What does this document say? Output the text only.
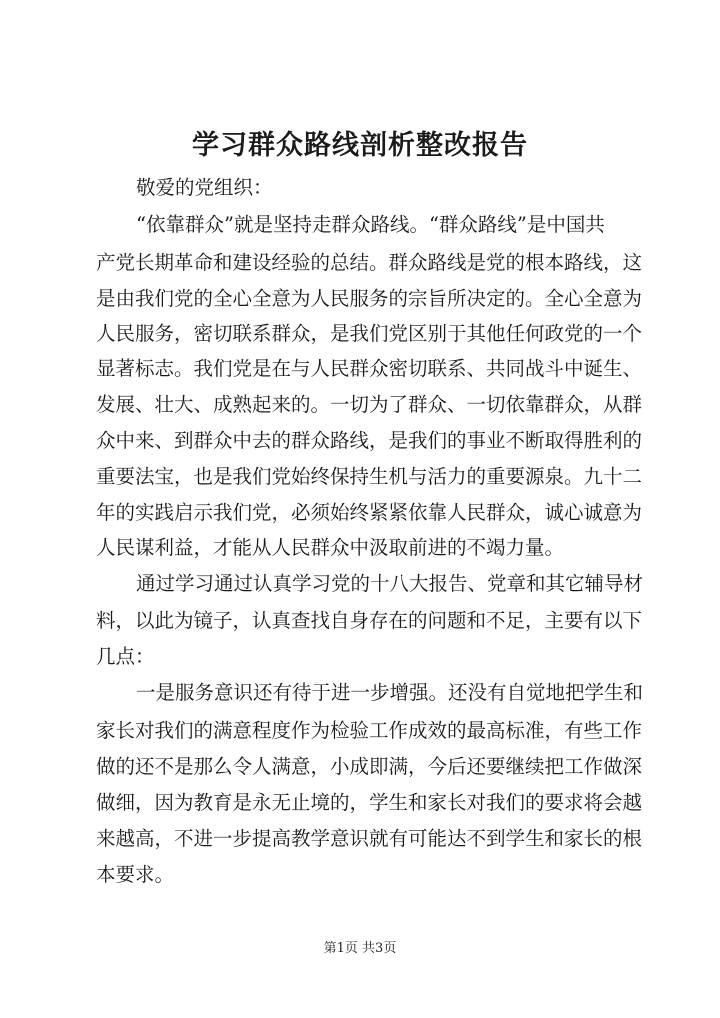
学习群众路线剖析整改报告
敬爱的党组织：
“依靠群众”就是坚持走群众路线。“群众路线”是中国共
产党长期革命和建设经验的总结。群众路线是党的根本路线，这
是由我们党的全心全意为人民服务的宗旨所决定的。全心全意为
人民服务，密切联系群众，是我们党区别于其他任何政党的一个
显著标志。我们党是在与人民群众密切联系、共同战斗中诞生、
发展、壮大、成熟起来的。一切为了群众、一切依靠群众，从群
众中来、到群众中去的群众路线，是我们的事业不断取得胜利的
重要法宝，也是我们党始终保持生机与活力的重要源泉。九十二
年的实践启示我们党，必须始终紧紧依靠人民群众，诚心诚意为
人民谋利益，才能从人民群众中汲取前进的不竭力量。
通过学习通过认真学习党的十八大报告、党章和其它辅导材
料，以此为镜子，认真查找自身存在的问题和不足，主要有以下
几点：
一是服务意识还有待于进一步增强。还没有自觉地把学生和
家长对我们的满意程度作为检验工作成效的最高标准，有些工作
做的还不是那么令人满意，小成即满，今后还要继续把工作做深
做细，因为教育是永无止境的，学生和家长对我们的要求将会越
来越高，不进一步提高教学意识就有可能达不到学生和家长的根
本要求。
第1页 共3页
